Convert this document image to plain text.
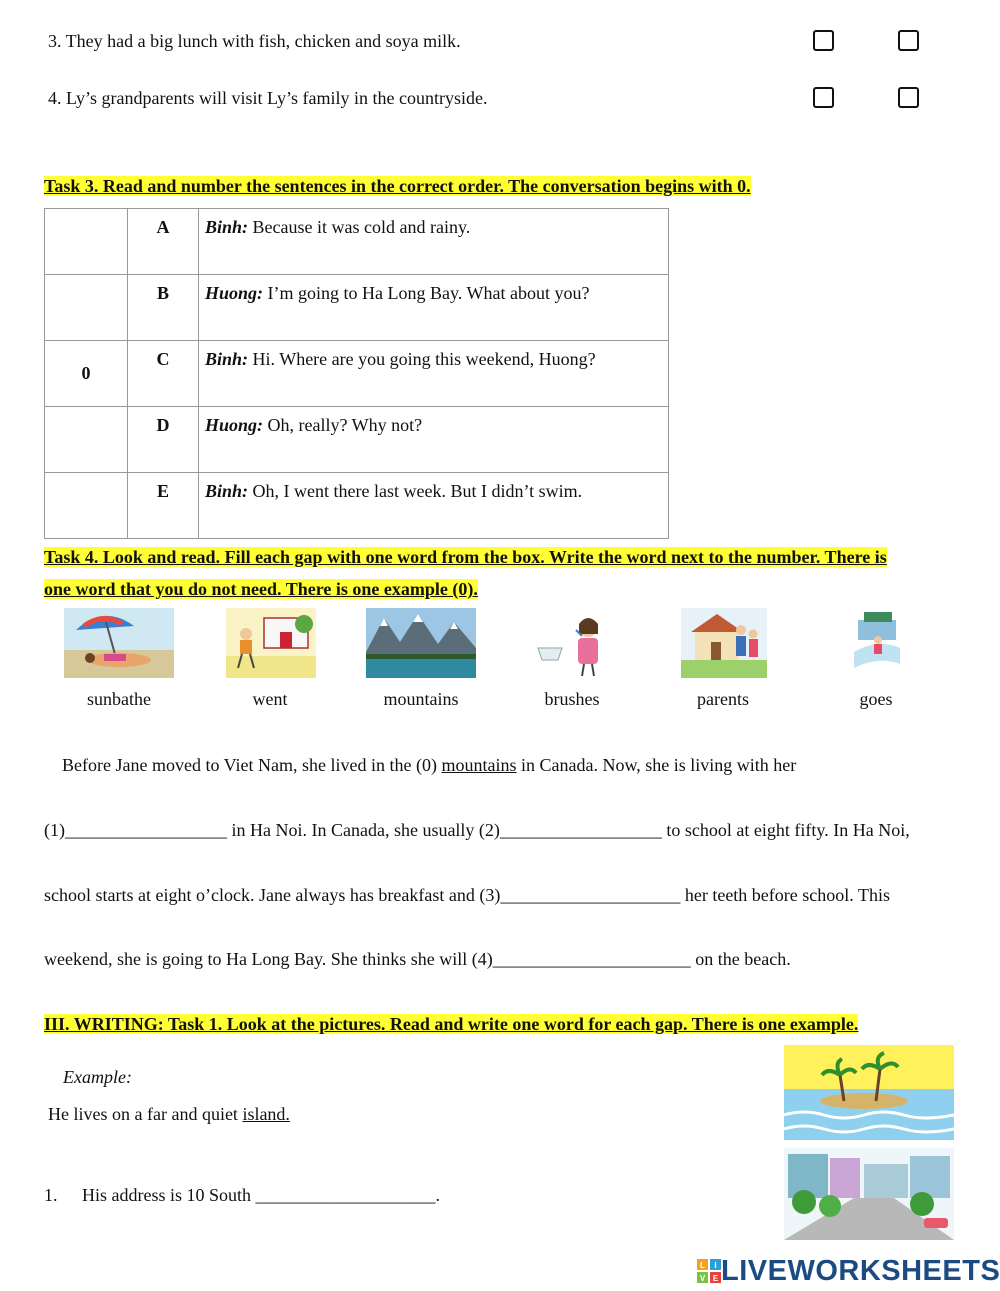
3. They had a big lunch with fish, chicken and soya milk.
4. Ly’s grandparents will visit Ly’s family in the countryside.
Task 3. Read and number the sentences in the correct order. The conversation begins with 0.
	A	Binh: Because it was cold and rainy.
	B	Huong: I’m going to Ha Long Bay. What about you?
0	C	Binh: Hi. Where are you going this weekend, Huong?
	D	Huong: Oh, really? Why not?
	E	Binh: Oh, I went there last week. But I didn’t swim.
Task 4. Look and read. Fill each gap with one word from the box. Write the word next to the number. There is
one word that you do not need. There is one example (0).
sunbathe	went	mountains	brushes	parents	goes
Before Jane moved to Viet Nam, she lived in the (0) mountains in Canada. Now, she is living with her
(1)__________________ in Ha Noi. In Canada, she usually (2)__________________ to school at eight fifty. In Ha Noi,
school starts at eight o’clock. Jane always has breakfast and (3)____________________ her teeth before school. This
weekend, she is going to Ha Long Bay. She thinks she will (4)______________________ on the beach.
III. WRITING: Task 1. Look at the pictures. Read and write one word for each gap. There is one example.
Example:
He lives on a far and quiet island.
1. His address is 10 South ____________________.
L I
V E LIVEWORKSHEETS
